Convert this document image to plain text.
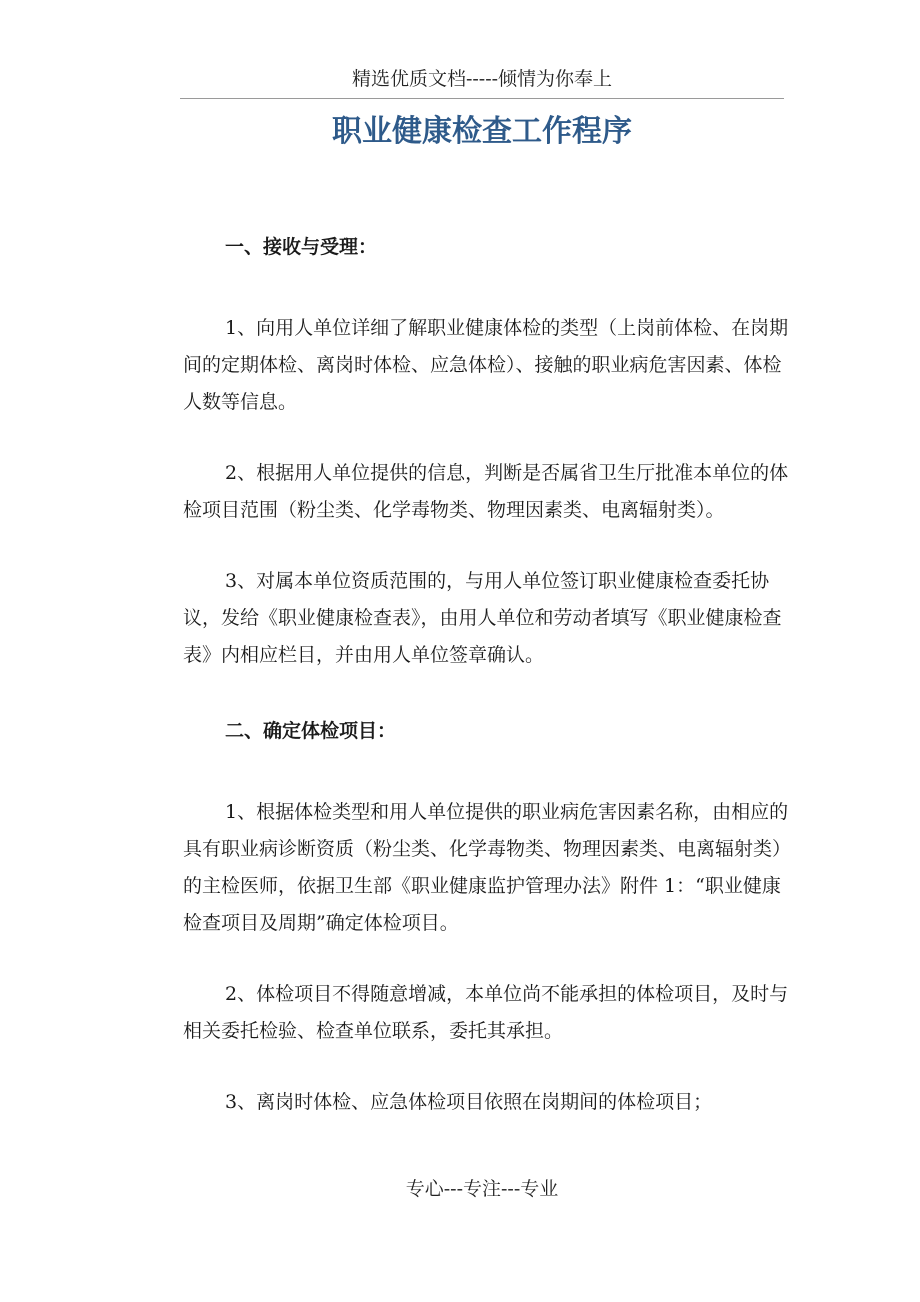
精选优质文档-----倾情为你奉上
职业健康检查工作程序
一、接收与受理：

1、向用人单位详细了解职业健康体检的类型（上岗前体检、在岗期间的定期体检、离岗时体检、应急体检）、接触的职业病危害因素、体检人数等信息。

2、根据用人单位提供的信息，判断是否属省卫生厅批准本单位的体检项目范围（粉尘类、化学毒物类、物理因素类、电离辐射类）。

3、对属本单位资质范围的，与用人单位签订职业健康检查委托协议，发给《职业健康检查表》，由用人单位和劳动者填写《职业健康检查表》内相应栏目，并由用人单位签章确认。

二、确定体检项目：

1、根据体检类型和用人单位提供的职业病危害因素名称，由相应的具有职业病诊断资质（粉尘类、化学毒物类、物理因素类、电离辐射类）的主检医师，依据卫生部《职业健康监护管理办法》附件 1：“职业健康检查项目及周期”确定体检项目。

2、体检项目不得随意增减，本单位尚不能承担的体检项目，及时与相关委托检验、检查单位联系，委托其承担。

3、离岗时体检、应急体检项目依照在岗期间的体检项目；

专心---专注---专业
